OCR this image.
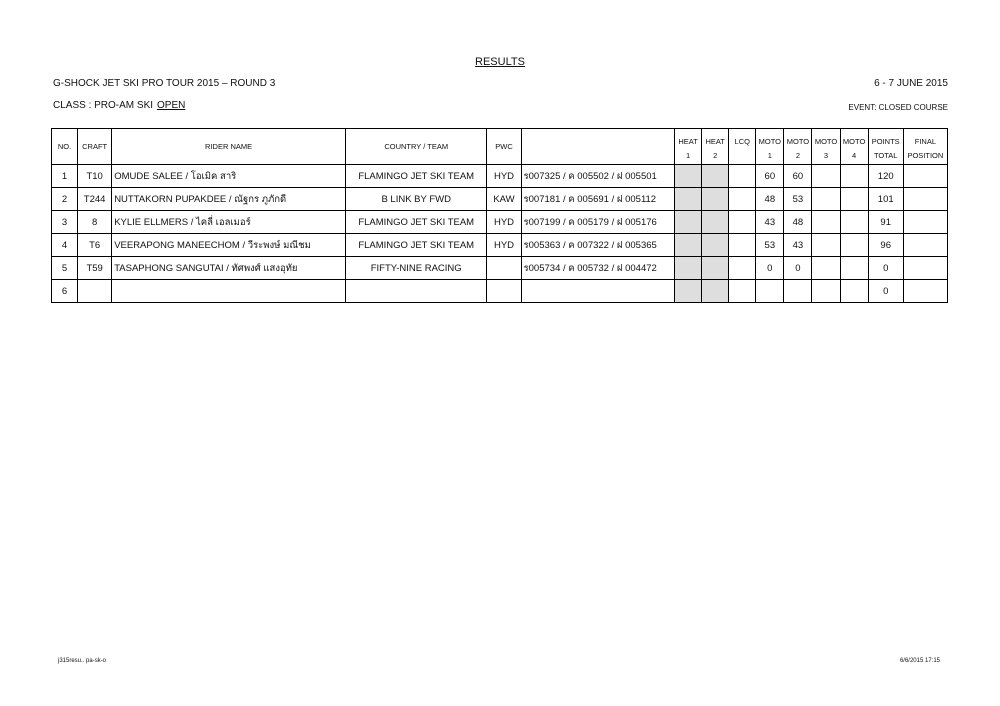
RESULTS
G-SHOCK JET SKI PRO TOUR 2015 – ROUND 3	6 - 7 JUNE 2015
CLASS : PRO-AM SKI OPEN	EVENT: CLOSED COURSE
NO.	CRAFT	RIDER NAME	COUNTRY / TEAM	PWC		HEAT	HEAT	LCQ	MOTO	MOTO	MOTO	MOTO	POINTS	FINAL
						1	2		1	2	3	4	TOTAL	POSITION
1	T10	OMUDE SALEE / โอเมิค สาริ	FLAMINGO JET SKI TEAM	HYD	ร007325 / ค 005502 / ฝ 005501				60	60			120	
2	T244	NUTTAKORN PUPAKDEE / ณัฐกร ภูภักดี	B LINK BY FWD	KAW	ร007181 / ค 005691 / ฝ 005112				48	53			101	
3	8	KYLIE ELLMERS / ไคลี่ เอลเมอร์	FLAMINGO JET SKI TEAM	HYD	ร007199 / ค 005179 / ฝ 005176				43	48			91	
4	T6	VEERAPONG MANEECHOM / วีระพงษ์ มณีชม	FLAMINGO JET SKI TEAM	HYD	ร005363 / ค 007322 / ฝ 005365				53	43			96	
5	T59	TASAPHONG SANGUTAI / ทัศพงศ์ แสงอุทัย	FIFTY-NINE RACING		ร005734 / ค 005732 / ฝ 004472				0	0			0	
6													0	
j315resu.. pa-sk-o	6/6/2015 17:15
